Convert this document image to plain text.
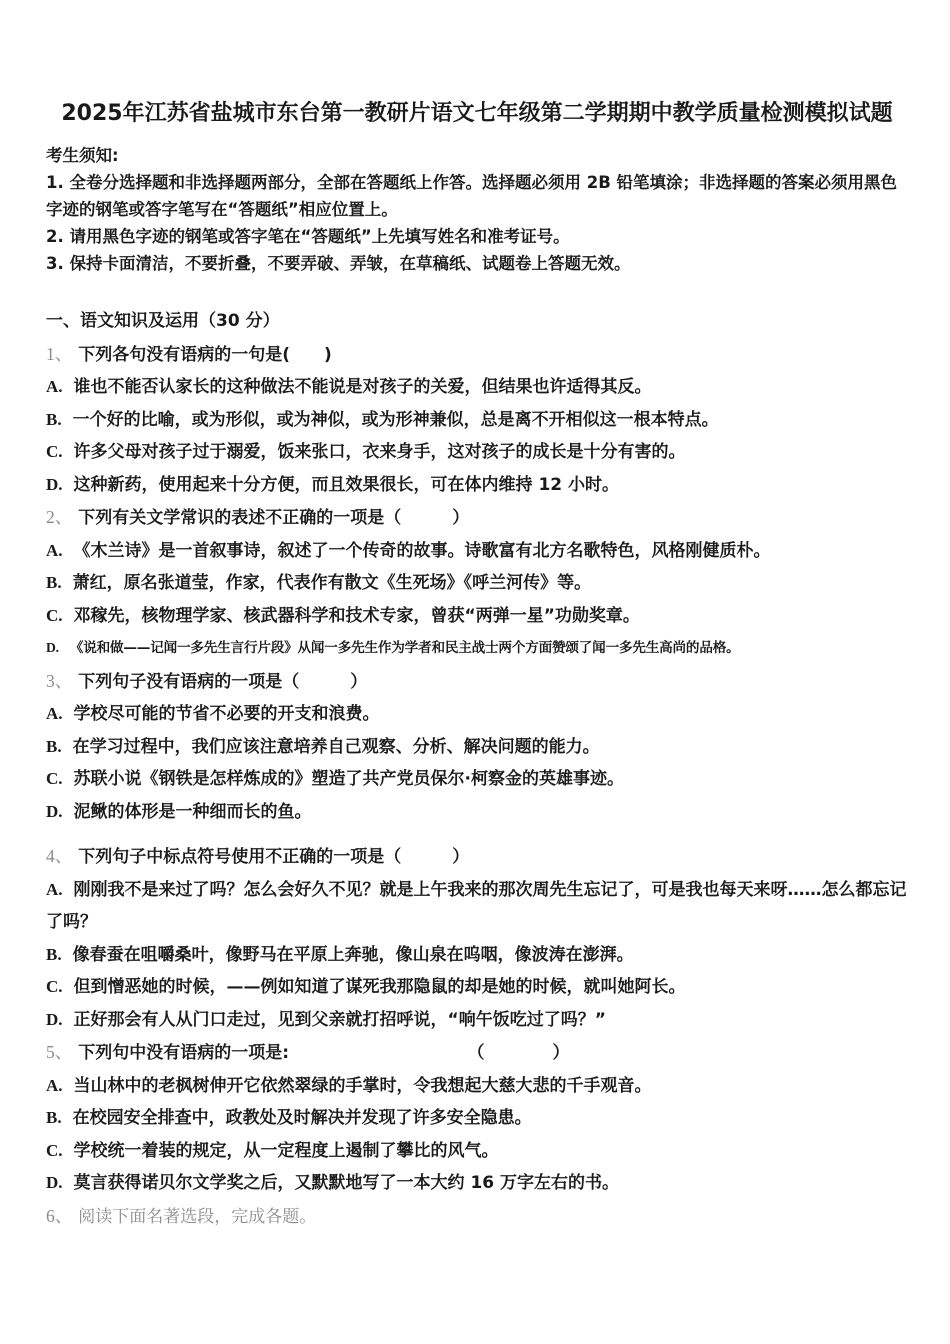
2025年江苏省盐城市东台第一教研片语文七年级第二学期期中教学质量检测模拟试题
考生须知:
1. 全卷分选择题和非选择题两部分，全部在答题纸上作答。选择题必须用 2B 铅笔填涂；非选择题的答案必须用黑色字迹的钢笔或答字笔写在“答题纸”相应位置上。
2. 请用黑色字迹的钢笔或答字笔在“答题纸”上先填写姓名和准考证号。
3. 保持卡面清洁，不要折叠，不要弄破、弄皱，在草稿纸、试题卷上答题无效。
一、语文知识及运用（30 分）
1、 下列各句没有语病的一句是(　　)
A. 谁也不能否认家长的这种做法不能说是对孩子的关爱，但结果也许适得其反。
B. 一个好的比喻，或为形似，或为神似，或为形神兼似，总是离不开相似这一根本特点。
C. 许多父母对孩子过于溺爱，饭来张口，衣来身手，这对孩子的成长是十分有害的。
D. 这种新药，使用起来十分方便，而且效果很长，可在体内维持 12 小时。
2、 下列有关文学常识的表述不正确的一项是（　　　）
A. 《木兰诗》是一首叙事诗，叙述了一个传奇的故事。诗歌富有北方名歌特色，风格刚健质朴。
B. 萧红，原名张道莹，作家，代表作有散文《生死场》《呼兰河传》等。
C. 邓稼先，核物理学家、核武器科学和技术专家，曾获“两弹一星”功勋奖章。
D. 《说和做——记闻一多先生言行片段》从闻一多先生作为学者和民主战士两个方面赞颂了闻一多先生高尚的品格。
3、 下列句子没有语病的一项是（　　　）
A. 学校尽可能的节省不必要的开支和浪费。
B. 在学习过程中，我们应该注意培养自己观察、分析、解决问题的能力。
C. 苏联小说《钢铁是怎样炼成的》塑造了共产党员保尔·柯察金的英雄事迹。
D. 泥鳅的体形是一种细而长的鱼。
4、 下列句子中标点符号使用不正确的一项是（　　　）
A. 刚刚我不是来过了吗？怎么会好久不见？就是上午我来的那次周先生忘记了，可是我也每天来呀……怎么都忘记了吗？
B. 像春蚕在咀嚼桑叶，像野马在平原上奔驰，像山泉在呜咽，像波涛在澎湃。
C. 但到憎恶她的时候，——例如知道了谋死我那隐鼠的却是她的时候，就叫她阿长。
D. 正好那会有人从门口走过，见到父亲就打招呼说，“响午饭吃过了吗？”
5、 下列句中没有语病的一项是:　　　　　　　　　　　（　　　　）
A. 当山林中的老枫树伸开它依然翠绿的手掌时，令我想起大慈大悲的千手观音。
B. 在校园安全排查中，政教处及时解决并发现了许多安全隐患。
C. 学校统一着装的规定，从一定程度上遏制了攀比的风气。
D. 莫言获得诺贝尔文学奖之后，又默默地写了一本大约 16 万字左右的书。
6、 阅读下面名著选段，完成各题。
